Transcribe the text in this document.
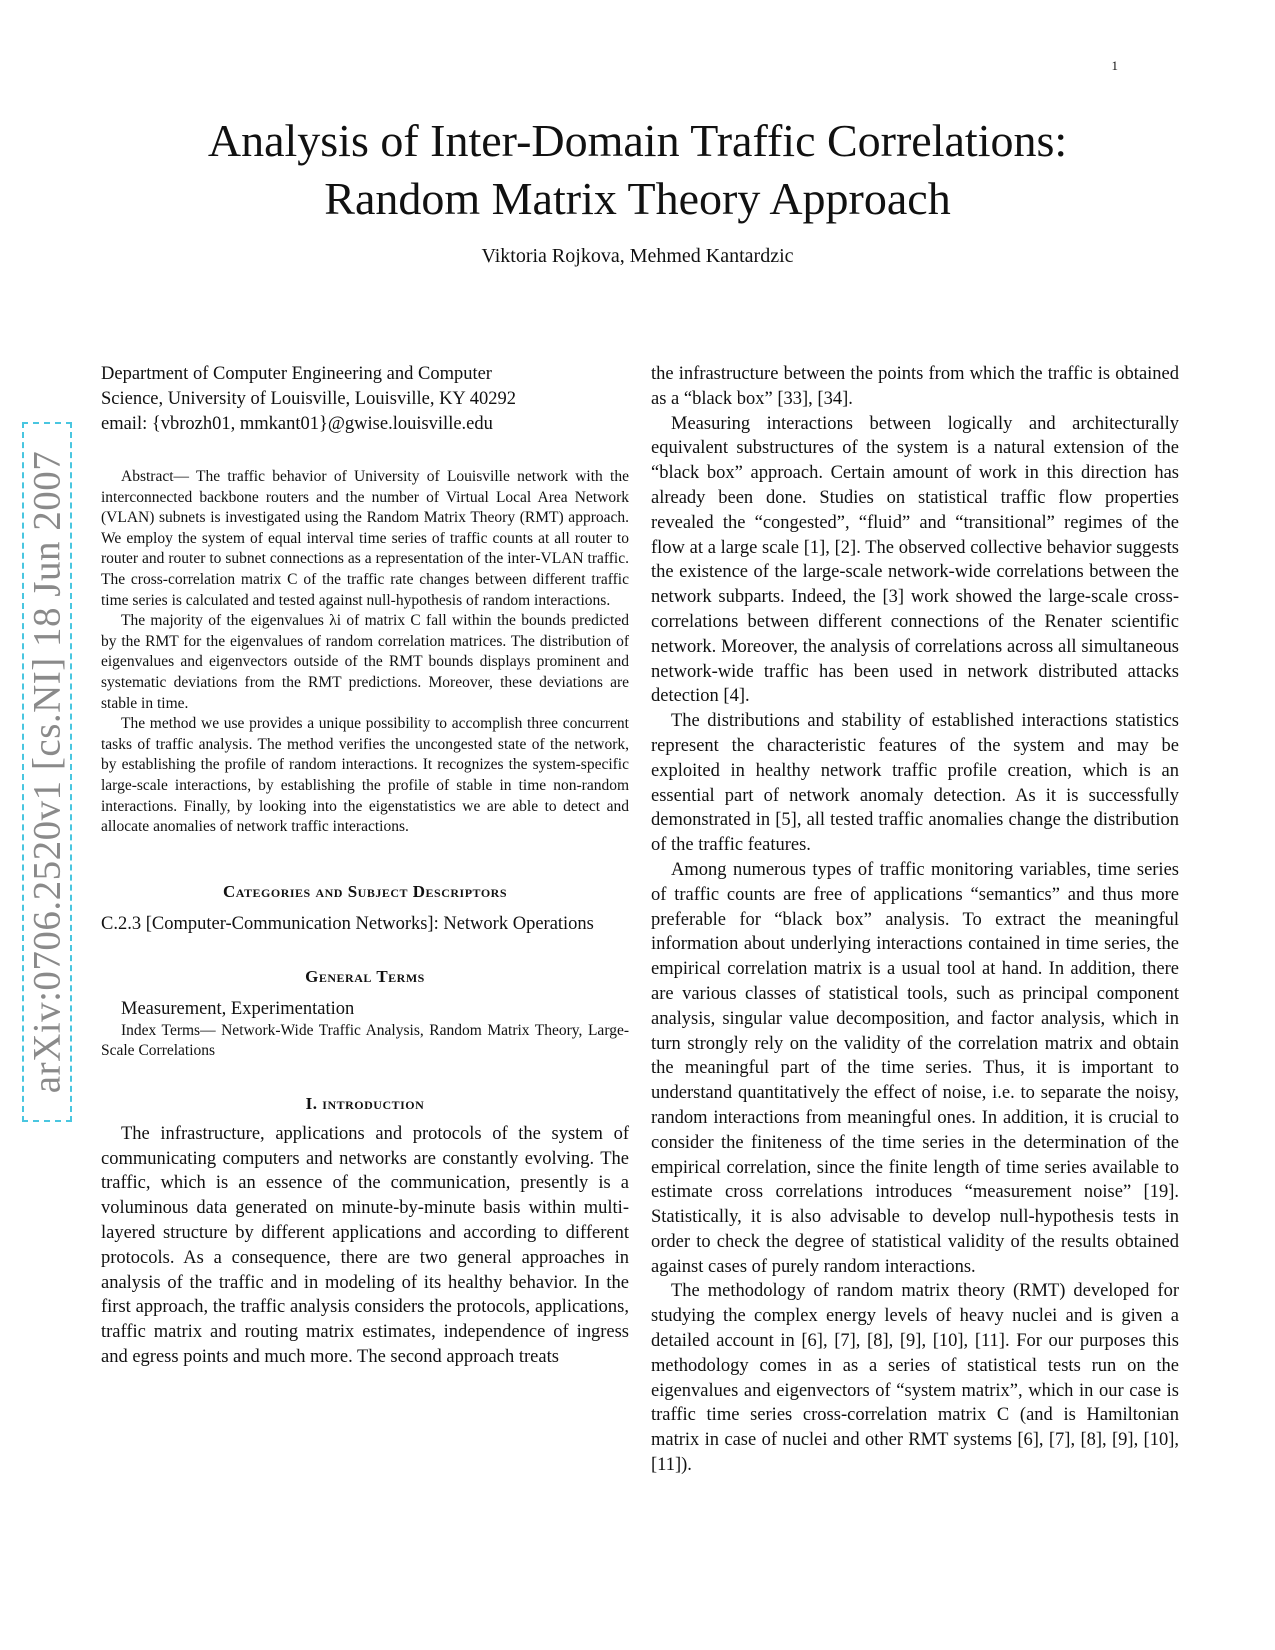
1
Analysis of Inter-Domain Traffic Correlations:
Random Matrix Theory Approach
Viktoria Rojkova, Mehmed Kantardzic
arXiv:0706.2520v1 [cs.NI] 18 Jun 2007

Department of Computer Engineering and Computer

Science, University of Louisville, Louisville, KY 40292

email: {vbrozh01, mmkant01}@gwise.louisville.edu

Abstract— The traffic behavior of University of Louisville network with the interconnected backbone routers and the number of Virtual Local Area Network (VLAN) subnets is investigated using the Random Matrix Theory (RMT) approach. We employ the system of equal interval time series of traffic counts at all router to router and router to subnet connections as a representation of the inter-VLAN traffic. The cross-correlation matrix C of the traffic rate changes between different traffic time series is calculated and tested against null-hypothesis of random interactions.

The majority of the eigenvalues λi of matrix C fall within the bounds predicted by the RMT for the eigenvalues of random correlation matrices. The distribution of eigenvalues and eigenvectors outside of the RMT bounds displays prominent and systematic deviations from the RMT predictions. Moreover, these deviations are stable in time.

The method we use provides a unique possibility to accomplish three concurrent tasks of traffic analysis. The method verifies the uncongested state of the network, by establishing the profile of random interactions. It recognizes the system-specific large-scale interactions, by establishing the profile of stable in time non-random interactions. Finally, by looking into the eigenstatistics we are able to detect and allocate anomalies of network traffic interactions.

Categories and Subject Descriptors

C.2.3 [Computer-Communication Networks]: Network Operations

General Terms

Measurement, Experimentation

Index Terms— Network-Wide Traffic Analysis, Random Matrix Theory, Large-Scale Correlations

I. introduction

The infrastructure, applications and protocols of the system of communicating computers and networks are constantly evolving. The traffic, which is an essence of the communication, presently is a voluminous data generated on minute-by-minute basis within multi-layered structure by different applications and according to different protocols. As a consequence, there are two general approaches in analysis of the traffic and in modeling of its healthy behavior. In the first approach, the traffic analysis considers the protocols, applications, traffic matrix and routing matrix estimates, independence of ingress and egress points and much more. The second approach treats

the infrastructure between the points from which the traffic is obtained as a “black box” [33], [34].

Measuring interactions between logically and architecturally equivalent substructures of the system is a natural extension of the “black box” approach. Certain amount of work in this direction has already been done. Studies on statistical traffic flow properties revealed the “congested”, “fluid” and “transitional” regimes of the flow at a large scale [1], [2]. The observed collective behavior suggests the existence of the large-scale network-wide correlations between the network subparts. Indeed, the [3] work showed the large-scale cross-correlations between different connections of the Renater scientific network. Moreover, the analysis of correlations across all simultaneous network-wide traffic has been used in network distributed attacks detection [4].

The distributions and stability of established interactions statistics represent the characteristic features of the system and may be exploited in healthy network traffic profile creation, which is an essential part of network anomaly detection. As it is successfully demonstrated in [5], all tested traffic anomalies change the distribution of the traffic features.

Among numerous types of traffic monitoring variables, time series of traffic counts are free of applications “semantics” and thus more preferable for “black box” analysis. To extract the meaningful information about underlying interactions contained in time series, the empirical correlation matrix is a usual tool at hand. In addition, there are various classes of statistical tools, such as principal component analysis, singular value decomposition, and factor analysis, which in turn strongly rely on the validity of the correlation matrix and obtain the meaningful part of the time series. Thus, it is important to understand quantitatively the effect of noise, i.e. to separate the noisy, random interactions from meaningful ones. In addition, it is crucial to consider the finiteness of the time series in the determination of the empirical correlation, since the finite length of time series available to estimate cross correlations introduces “measurement noise” [19]. Statistically, it is also advisable to develop null-hypothesis tests in order to check the degree of statistical validity of the results obtained against cases of purely random interactions.

The methodology of random matrix theory (RMT) developed for studying the complex energy levels of heavy nuclei and is given a detailed account in [6], [7], [8], [9], [10], [11]. For our purposes this methodology comes in as a series of statistical tests run on the eigenvalues and eigenvectors of “system matrix”, which in our case is traffic time series cross-correlation matrix C (and is Hamiltonian matrix in case of nuclei and other RMT systems [6], [7], [8], [9], [10], [11]).
